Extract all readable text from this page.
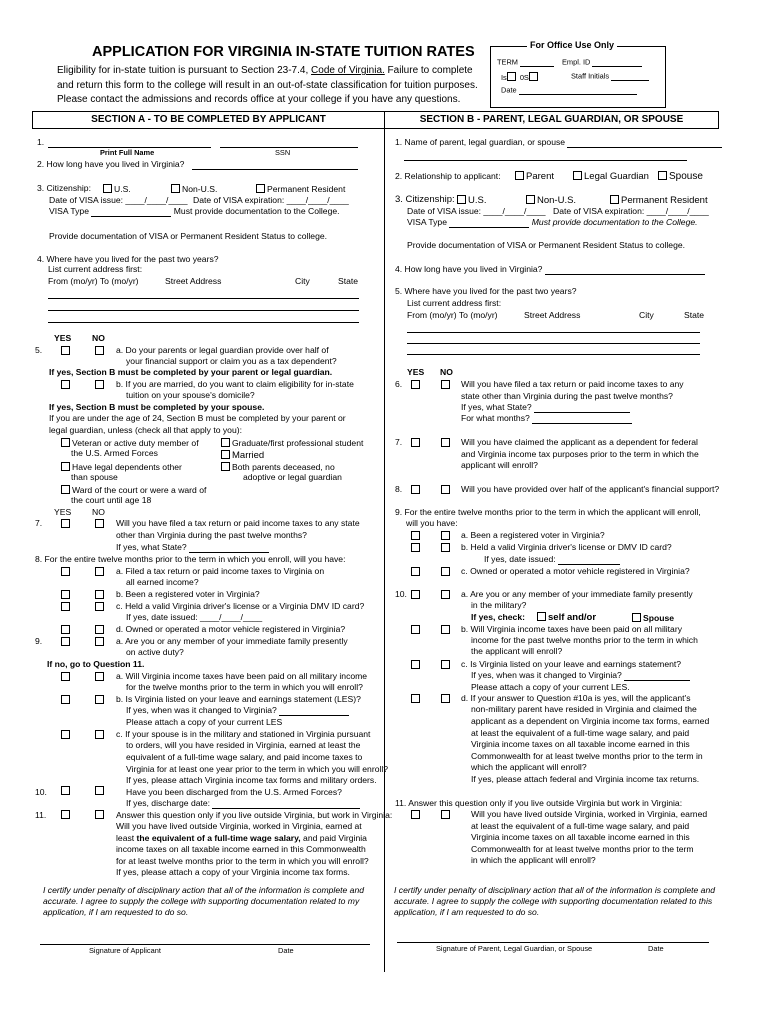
APPLICATION FOR VIRGINIA IN-STATE TUITION RATES
Eligibility for in-state tuition is pursuant to Section 23-7.4, Code of Virginia. Failure to complete
and return this form to the college will result in an out-of-state classification for tuition purposes.
Please contact the admissions and records office at your college if you have any questions.
For Office Use Only
TERM	Empl. ID
Is 0S	Staff Initials
Date
SECTION A - TO BE COMPLETED BY APPLICANT	SECTION B - PARENT, LEGAL GUARDIAN, OR SPOUSE
1.
Print Full Name	SSN
2. How long have you lived in Virginia?
3. Citizenship:	U.S.	Non-U.S.	Permanent Resident
Date of VISA issue: ____/____/____ Date of VISA expiration: ____/____/____
VISA Type	Must provide documentation to the College.
Provide documentation of VISA or Permanent Resident Status to college.
4. Where have you lived for the past two years?
List current address first:
From (mo/yr) To (mo/yr)	Street Address	City	State
YES NO
5.	a. Do your parents or legal guardian provide over half of
your financial support or claim you as a tax dependent?
If yes, Section B must be completed by your parent or legal guardian.
b. If you are married, do you want to claim eligibility for in-state
tuition on your spouse's domicile?
If yes, Section B must be completed by your spouse.
If you are under the age of 24, Section B must be completed by your parent or
legal guardian, unless (check all that apply to you):
Veteran or active duty member of
the U.S. Armed Forces
Graduate/first professional student
Married
Have legal dependents other
than spouse
Both parents deceased, no
adoptive or legal guardian
Ward of the court or were a ward of
the court until age 18
YES NO
7.	Will you have filed a tax return or paid income taxes to any state
other than Virginia during the past twelve months?
If yes, what State?
8. For the entire twelve months prior to the term in which you enroll, will you have:
a. Filed a tax return or paid income taxes to Virginia on
all earned income?
b. Been a registered voter in Virginia?
c. Held a valid Virginia driver's license or a Virginia DMV ID card?
If yes, date issued: ____/____/____
d. Owned or operated a motor vehicle registered in Virginia?
9.	a. Are you or any member of your immediate family presently
on active duty?
If no, go to Question 11.
a. Will Virginia income taxes have been paid on all military income
for the twelve months prior to the term in which you will enroll?
b. Is Virginia listed on your leave and earnings statement (LES)?
If yes, when was it changed to Virginia?
Please attach a copy of your current LES
c. If your spouse is in the military and stationed in Virginia pursuant
to orders, will you have resided in Virginia, earned at least the
equivalent of a full-time wage salary, and paid income taxes to
Virginia for at least one year prior to the term in which you will enroll?
If yes, please attach Virginia income tax forms and military orders.
10.	Have you been discharged from the U.S. Armed Forces?
If yes, discharge date:
11.	Answer this question only if you live outside Virginia, but work in Virginia:
Will you have lived outside Virginia, worked in Virginia, earned at
least the equivalent of a full-time wage salary, and paid Virginia
income taxes on all taxable income earned in this Commonwealth
for at least twelve months prior to the term in which you will enroll?
If yes, please attach a copy of your Virginia income tax forms.
I certify under penalty of disciplinary action that all of the information is complete and
accurate. I agree to supply the college with supporting documentation related to my
application, if I am requested to do so.
Signature of Applicant	Date
1. Name of parent, legal guardian, or spouse
2. Relationship to applicant:	Parent	Legal Guardian	Spouse
3. Citizenship:	U.S.	Non-U.S.	Permanent Resident
Date of VISA issue: ____/____/____ Date of VISA expiration: ____/____/____
VISA Type	Must provide documentation to the College.
Provide documentation of VISA or Permanent Resident Status to college.
4. How long have you lived in Virginia?
5. Where have you lived for the past two years?
List current address first:
From (mo/yr) To (mo/yr)	Street Address	City	State
YES NO
6.	Will you have filed a tax return or paid income taxes to any
state other than Virginia during the past twelve months?
If yes, what State?
For what months?
7.	Will you have claimed the applicant as a dependent for federal
and Virginia income tax purposes prior to the term in which the
applicant will enroll?
8.	Will you have provided over half of the applicant's financial support?
9. For the entire twelve months prior to the term in which the applicant will enroll,
will you have:
a. Been a registered voter in Virginia?
b. Held a valid Virginia driver's license or DMV ID card?
If yes, date issued:
c. Owned or operated a motor vehicle registered in Virginia?
10.	a. Are you or any member of your immediate family presently
in the military?
If yes, check:	self and/or	Spouse
b. Will Virginia income taxes have been paid on all military
income for the past twelve months prior to the term in which
the applicant will enroll?
c. Is Virginia listed on your leave and earnings statement?
If yes, when was it changed to Virginia?
Please attach a copy of your current LES.
d. If your answer to Question #10a is yes, will the applicant's
non-military parent have resided in Virginia and claimed the
applicant as a dependent on Virginia income tax forms, earned
at least the equivalent of a full-time wage salary, and paid
Virginia income taxes on all taxable income earned in this
Commonwealth for at least twelve months prior to the term in
which the applicant will enroll?
If yes, please attach federal and Virginia income tax returns.
11. Answer this question only if you live outside Virginia but work in Virginia:
Will you have lived outside Virginia, worked in Virginia, earned
at least the equivalent of a full-time wage salary, and paid
Virginia income taxes on all taxable income earned in this
Commonwealth for at least twelve months prior to the term
in which the applicant will enroll?
I certify under penalty of disciplinary action that all of the information is complete and
accurate. I agree to supply the college with supporting documentation related to this
application, if I am requested to do so.
Signature of Parent, Legal Guardian, or Spouse	Date
